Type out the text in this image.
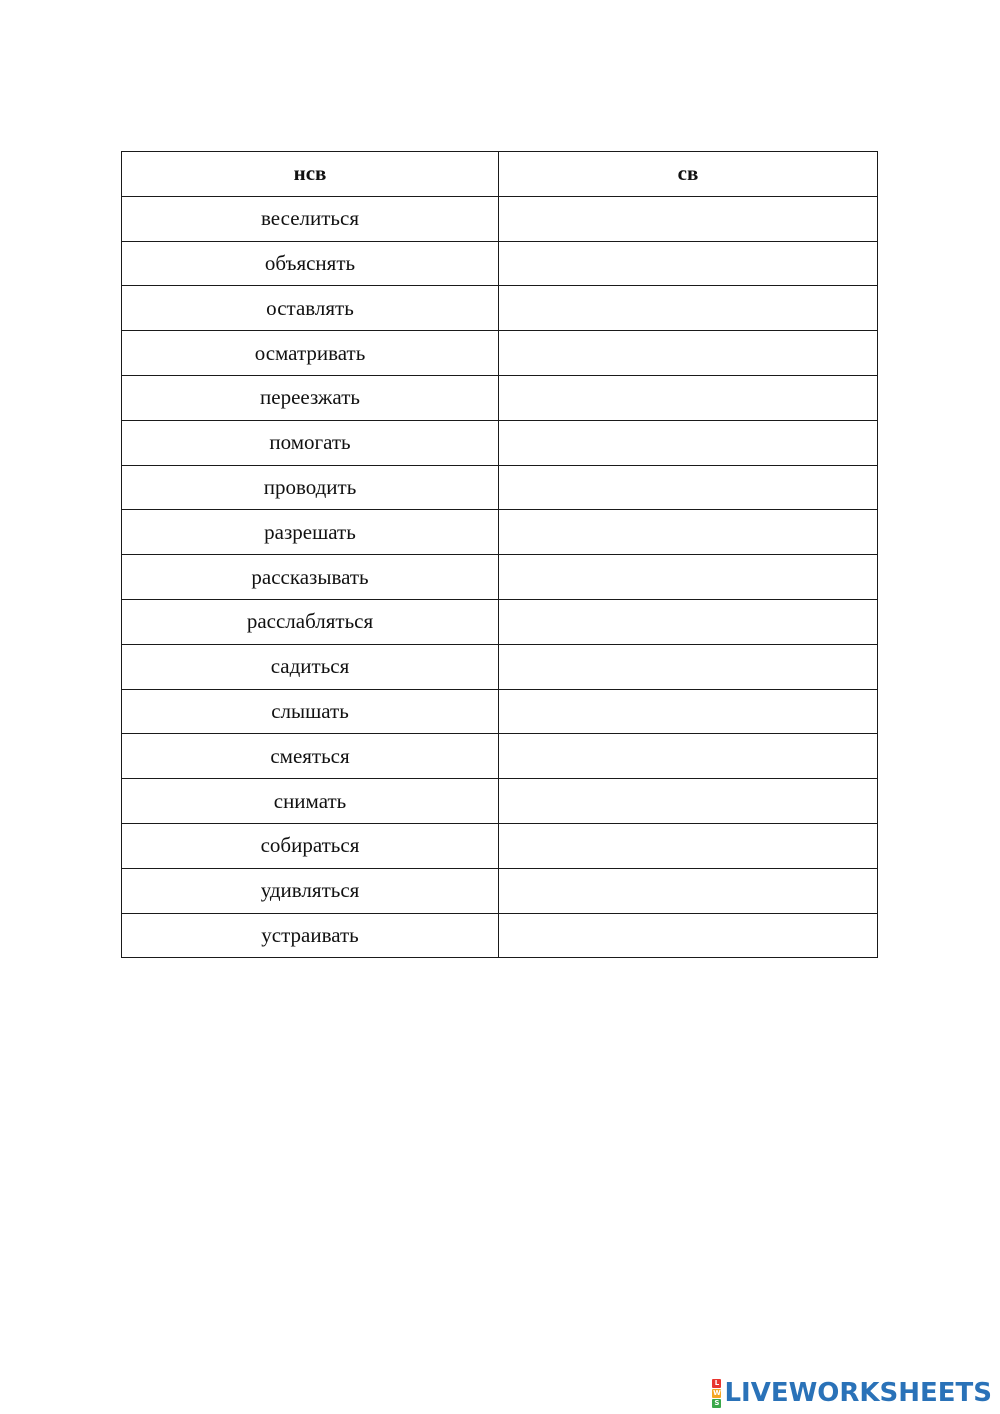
нсв	св
веселиться	
объяснять	
оставлять	
осматривать	
переезжать	
помогать	
проводить	
разрешать	
рассказывать	
расслабляться	
садиться	
слышать	
смеяться	
снимать	
собираться	
удивляться	
устраивать	
L
W
S LIVEWORKSHEETS
